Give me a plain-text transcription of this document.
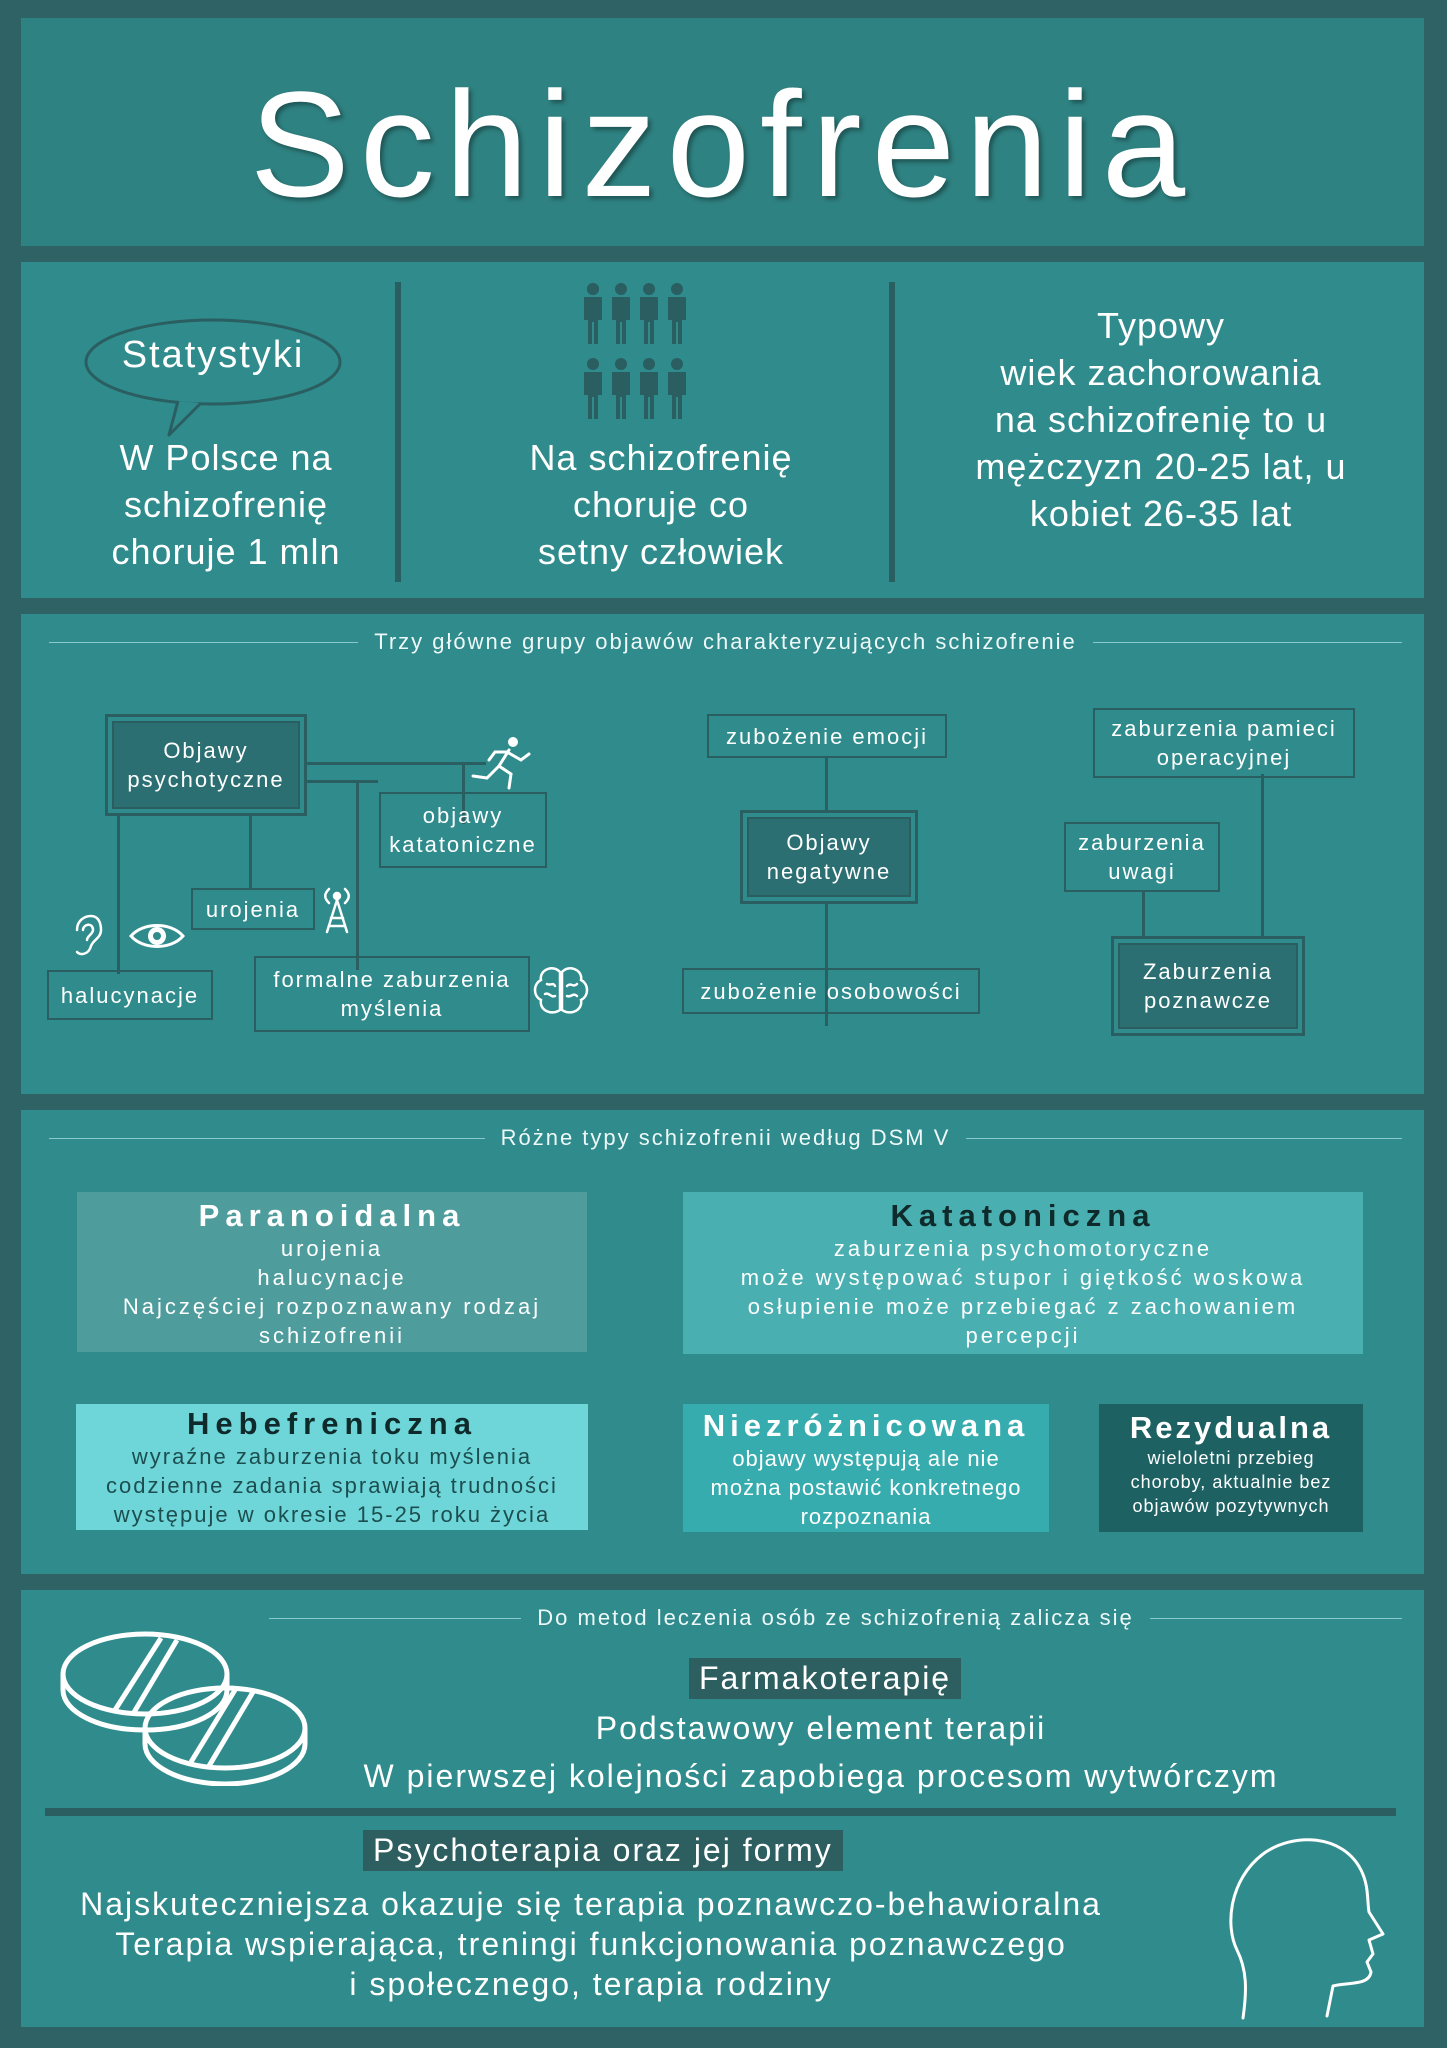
Schizofrenia
Statystyki
W Polsce na
schizofrenię
choruje 1 mln
Na schizofrenię
choruje co
setny człowiek
Typowy
wiek zachorowania
na schizofrenię to u
mężczyzn 20-25 lat, u
kobiet 26-35 lat
Trzy główne grupy objawów charakteryzujących schizofrenie
Objawy
psychotyczne
objawy
katatoniczne
urojenia
halucynacje
formalne zaburzenia
myślenia
zubożenie emocji
Objawy
negatywne
zubożenie osobowości
zaburzenia pamieci
operacyjnej
zaburzenia
uwagi
Zaburzenia
poznawcze
Różne typy schizofrenii według DSM V
Paranoidalna
urojenia
halucynacje
Najczęściej rozpoznawany rodzaj
schizofrenii
Katatoniczna
zaburzenia psychomotoryczne
może występować stupor i giętkość woskowa
osłupienie może przebiegać z zachowaniem
percepcji
Hebefreniczna
wyraźne zaburzenia toku myślenia
codzienne zadania sprawiają trudności
występuje w okresie 15-25 roku życia
Niezróżnicowana
objawy występują ale nie
można postawić konkretnego
rozpoznania
Rezydualna
wieloletni przebieg
choroby, aktualnie bez
objawów pozytywnych
Do metod leczenia osób ze schizofrenią zalicza się
Farmakoterapię
Podstawowy element terapii
W pierwszej kolejności zapobiega procesom wytwórczym
Psychoterapia oraz jej formy
Najskuteczniejsza okazuje się terapia poznawczo-behawioralna
Terapia wspierająca, treningi funkcjonowania poznawczego
i społecznego, terapia rodziny
